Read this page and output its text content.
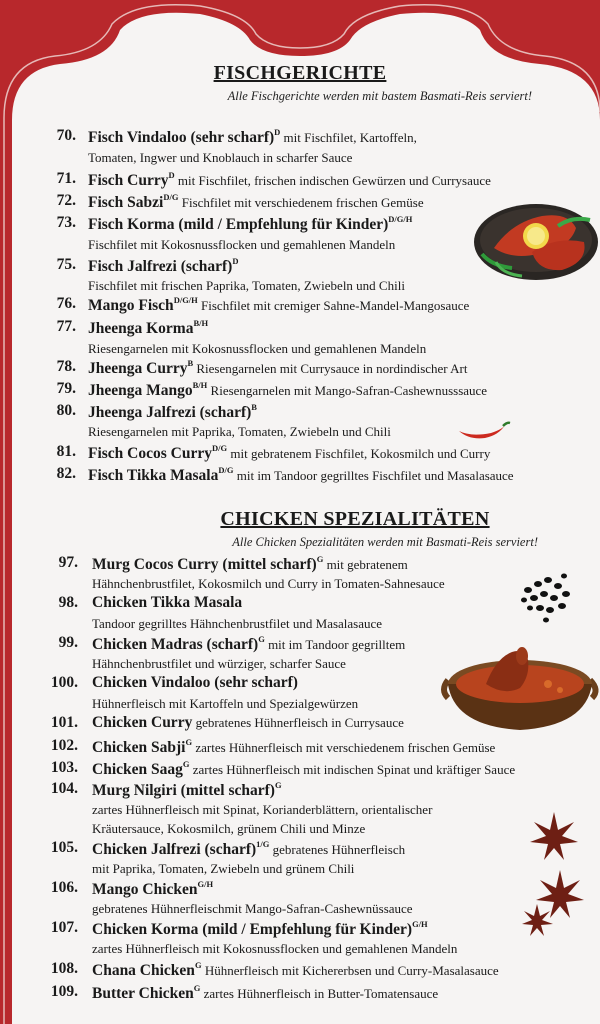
FISCHGERICHTE
Alle Fischgerichte werden mit bastem Basmati-Reis serviert!
70. Fisch Vindaloo (sehr scharf)$^D$ mit Fischfilet, Kartoffeln,
Tomaten, Ingwer und Knoblauch in scharfer Sauce
71. Fisch Curry$^D$ mit Fischfilet, frischen indischen Gewürzen und Currysauce
72. Fisch Sabzi$^{D/G}$ Fischfilet mit verschiedenem frischen Gemüse
73. Fisch Korma (mild / Empfehlung für Kinder)$^{D/G/H}$
Fischfilet mit Kokosnussflocken und gemahlenen Mandeln
75. Fisch Jalfrezi (scharf)$^D$
Fischfilet mit frischen Paprika, Tomaten, Zwiebeln und Chili
76. Mango Fisch$^{D/G/H}$ Fischfilet mit cremiger Sahne-Mandel-Mangosauce
77. Jheenga Korma$^{B/H}$
Riesengarnelen mit Kokosnussflocken und gemahlenen Mandeln
78. Jheenga Curry$^B$ Riesengarnelen mit Currysauce in nordindischer Art
79. Jheenga Mango$^{B/H}$ Riesengarnelen mit Mango-Safran-Cashewnusssauce
80. Jheenga Jalfrezi (scharf)$^B$
Riesengarnelen mit Paprika, Tomaten, Zwiebeln und Chili
81. Fisch Cocos Curry$^{D/G}$ mit gebratenem Fischfilet, Kokosmilch und Curry
82. Fisch Tikka Masala$^{D/G}$ mit im Tandoor gegrilltes Fischfilet und Masalasauce
CHICKEN SPEZIALITÄTEN
Alle Chicken Spezialitäten werden mit Basmati-Reis serviert!
97. Murg Cocos Curry (mittel scharf)$^G$ mit gebratenem
Hähnchenbrustfilet, Kokosmilch und Curry in Tomaten-Sahnesauce
98. Chicken Tikka Masala
Tandoor gegrilltes Hähnchenbrustfilet und Masalasauce
99. Chicken Madras (scharf)$^G$ mit im Tandoor gegrilltem
Hähnchenbrustfilet und würziger, scharfer Sauce
100. Chicken Vindaloo (sehr scharf)
Hühnerfleisch mit Kartoffeln und Spezialgewürzen
101. Chicken Curry gebratenes Hühnerfleisch in Currysauce
102. Chicken Sabji$^G$ zartes Hühnerfleisch mit verschiedenem frischen Gemüse
103. Chicken Saag$^G$ zartes Hühnerfleisch mit indischen Spinat und kräftiger Sauce
104. Murg Nilgiri (mittel scharf)$^G$
zartes Hühnerfleisch mit Spinat, Korianderblättern, orientalischer
Kräutersauce, Kokosmilch, grünem Chili und Minze
105. Chicken Jalfrezi (scharf)$^{1/G}$ gebratenes Hühnerfleisch
mit Paprika, Tomaten, Zwiebeln und grünem Chili
106. Mango Chicken$^{G/H}$
gebratenes Hühnerfleischmit Mango-Safran-Cashewnüssauce
107. Chicken Korma (mild / Empfehlung für Kinder)$^{G/H}$
zartes Hühnerfleisch mit Kokosnussflocken und gemahlenen Mandeln
108. Chana Chicken$^G$ Hühnerfleisch mit Kichererbsen und Curry-Masalasauce
109. Butter Chicken$^G$ zartes Hühnerfleisch in Butter-Tomatensauce
